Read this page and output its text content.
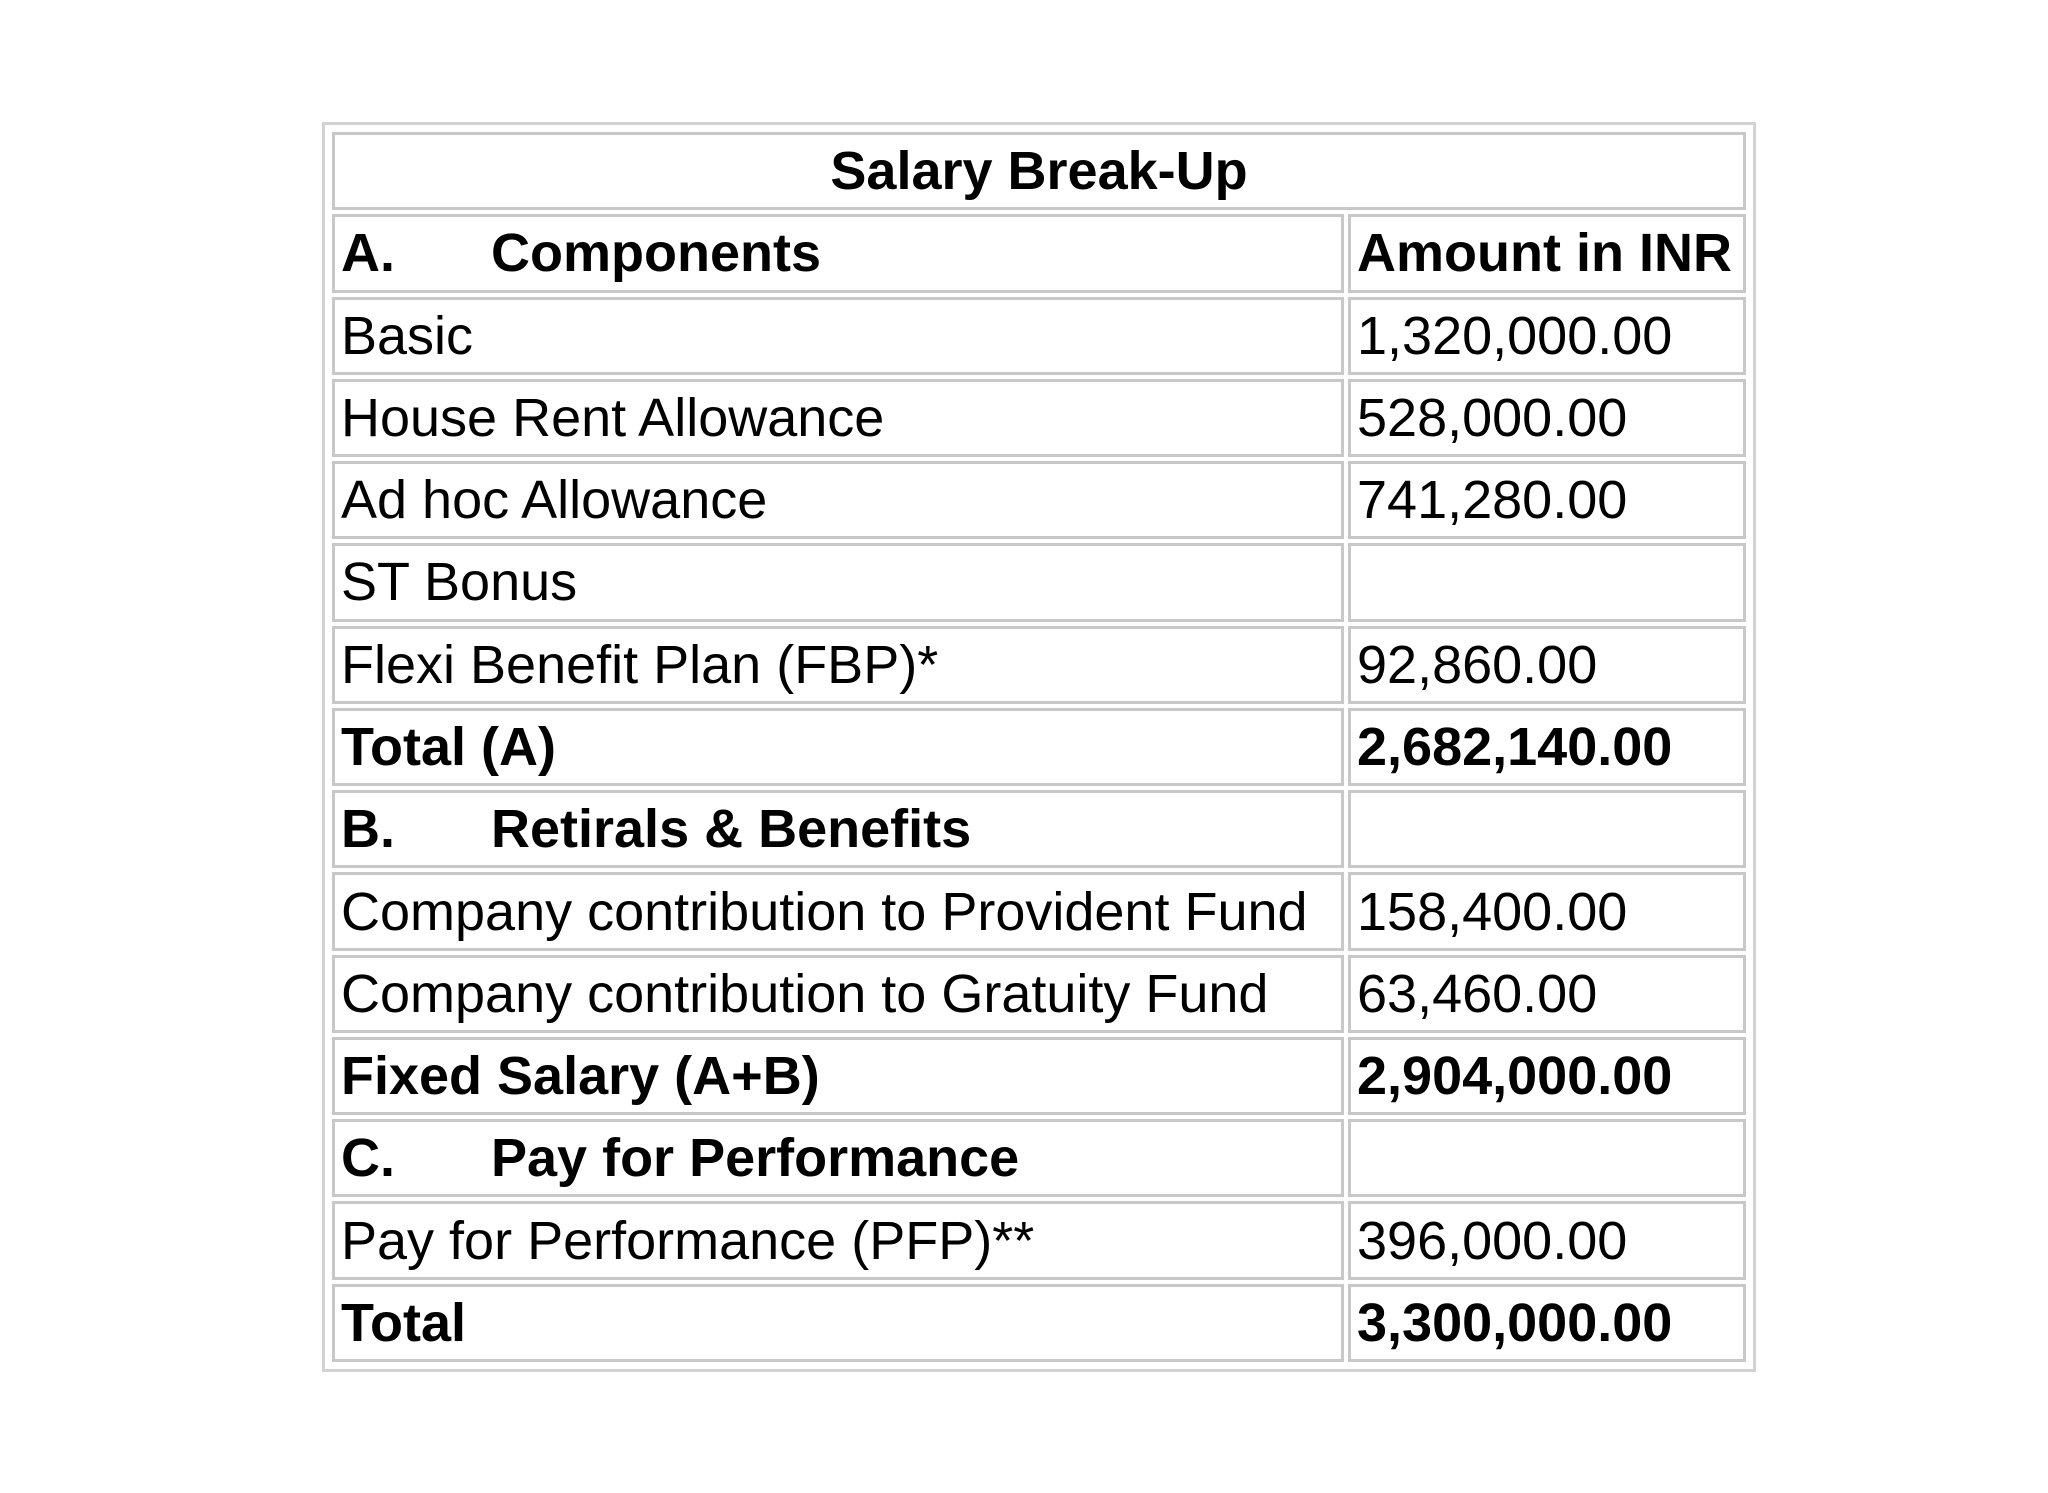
Salary Break-Up	
A. Components	Amount in INR
Basic	1,320,000.00
House Rent Allowance	528,000.00
Ad hoc Allowance	741,280.00
ST Bonus	
Flexi Benefit Plan (FBP)*	92,860.00
Total (A)	2,682,140.00
B. Retirals & Benefits	
Company contribution to Provident Fund	158,400.00
Company contribution to Gratuity Fund	63,460.00
Fixed Salary (A+B)	2,904,000.00
C. Pay for Performance	
Pay for Performance (PFP)**	396,000.00
Total	3,300,000.00
